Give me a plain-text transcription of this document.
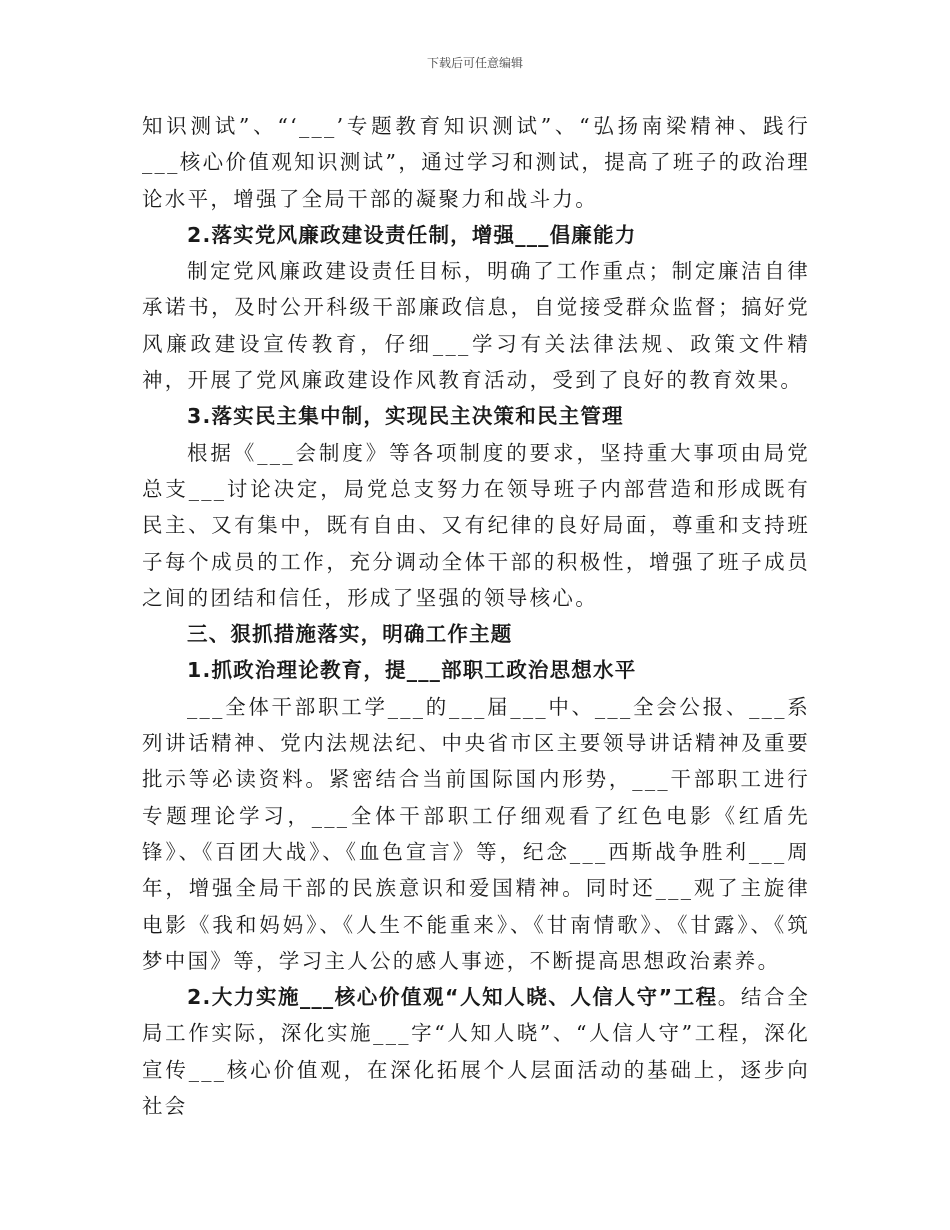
下载后可任意编辑

知识测试”、“‘___’专题教育知识测试”、“弘扬南梁精神、践行___核心价值观知识测试”，通过学习和测试，提高了班子的政治理论水平，增强了全局干部的凝聚力和战斗力。

2.落实党风廉政建设责任制，增强___倡廉能力

制定党风廉政建设责任目标，明确了工作重点；制定廉洁自律承诺书，及时公开科级干部廉政信息，自觉接受群众监督；搞好党风廉政建设宣传教育，仔细___学习有关法律法规、政策文件精神，开展了党风廉政建设作风教育活动，受到了良好的教育效果。

3.落实民主集中制，实现民主决策和民主管理

根据《___会制度》等各项制度的要求，坚持重大事项由局党总支___讨论决定，局党总支努力在领导班子内部营造和形成既有民主、又有集中，既有自由、又有纪律的良好局面，尊重和支持班子每个成员的工作，充分调动全体干部的积极性，增强了班子成员之间的团结和信任，形成了坚强的领导核心。

三、狠抓措施落实，明确工作主题

1.抓政治理论教育，提___部职工政治思想水平

___全体干部职工学___的___届___中、___全会公报、___系列讲话精神、党内法规法纪、中央省市区主要领导讲话精神及重要批示等必读资料。紧密结合当前国际国内形势，___干部职工进行专题理论学习，___全体干部职工仔细观看了红色电影《红盾先锋》、《百团大战》、《血色宣言》等，纪念___西斯战争胜利___周年，增强全局干部的民族意识和爱国精神。同时还___观了主旋律电影《我和妈妈》、《人生不能重来》、《甘南情歌》、《甘露》、《筑梦中国》等，学习主人公的感人事迹，不断提高思想政治素养。

2.大力实施___核心价值观“人知人晓、人信人守”工程。结合全局工作实际，深化实施___字“人知人晓”、“人信人守”工程，深化宣传___核心价值观，在深化拓展个人层面活动的基础上，逐步向社会
